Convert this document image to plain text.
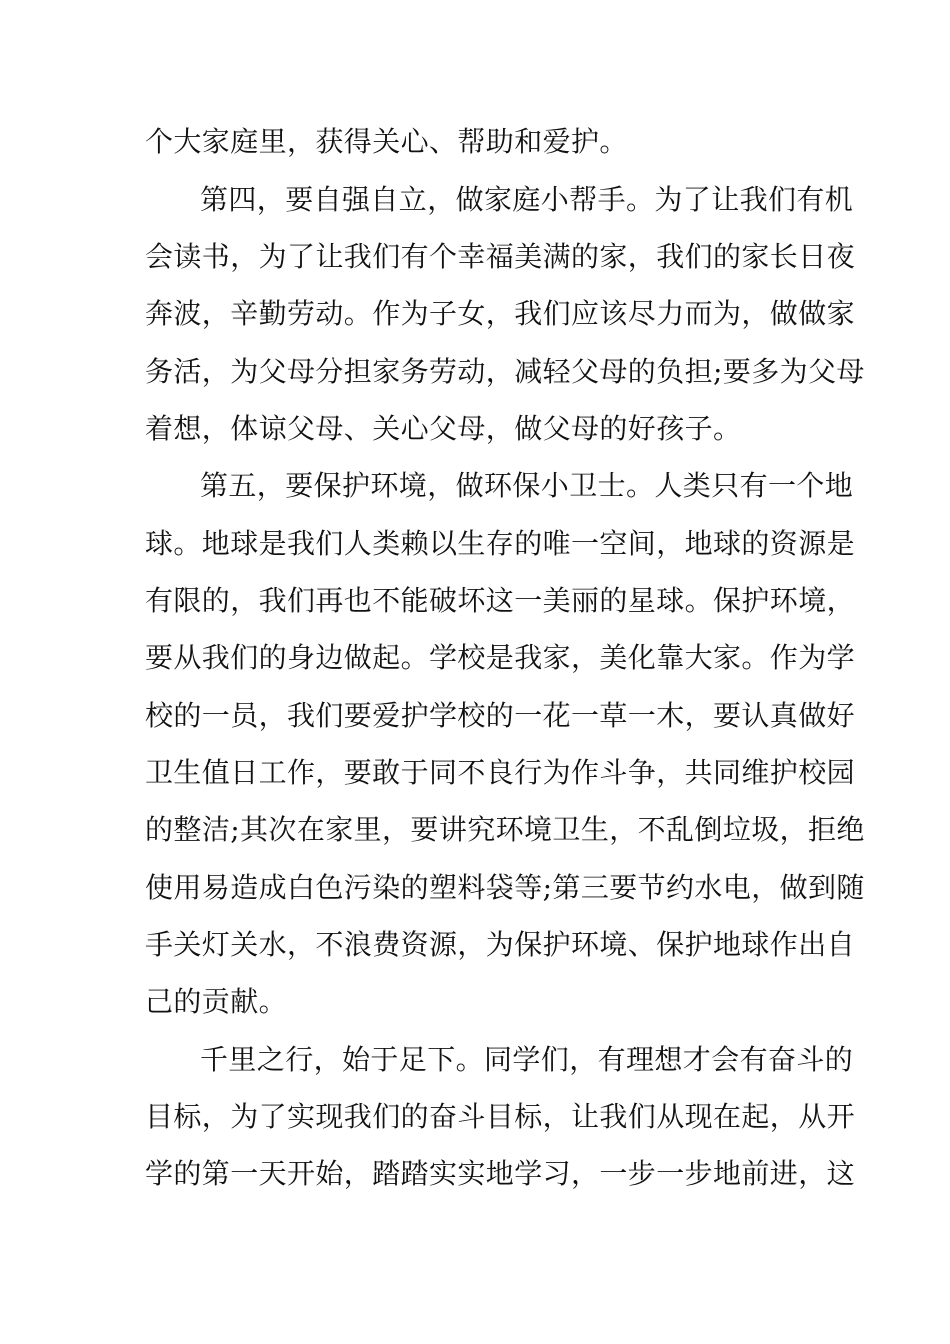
个大家庭里，获得关心、帮助和爱护。
第四，要自强自立，做家庭小帮手。为了让我们有机
会读书，为了让我们有个幸福美满的家，我们的家长日夜
奔波，辛勤劳动。作为子女，我们应该尽力而为，做做家
务活，为父母分担家务劳动，减轻父母的负担;要多为父母
着想，体谅父母、关心父母，做父母的好孩子。
第五，要保护环境，做环保小卫士。人类只有一个地
球。地球是我们人类赖以生存的唯一空间，地球的资源是
有限的，我们再也不能破坏这一美丽的星球。保护环境，
要从我们的身边做起。学校是我家，美化靠大家。作为学
校的一员，我们要爱护学校的一花一草一木，要认真做好
卫生值日工作，要敢于同不良行为作斗争，共同维护校园
的整洁;其次在家里，要讲究环境卫生，不乱倒垃圾，拒绝
使用易造成白色污染的塑料袋等;第三要节约水电，做到随
手关灯关水，不浪费资源，为保护环境、保护地球作出自
己的贡献。
千里之行，始于足下。同学们，有理想才会有奋斗的
目标，为了实现我们的奋斗目标，让我们从现在起，从开
学的第一天开始，踏踏实实地学习，一步一步地前进，这
